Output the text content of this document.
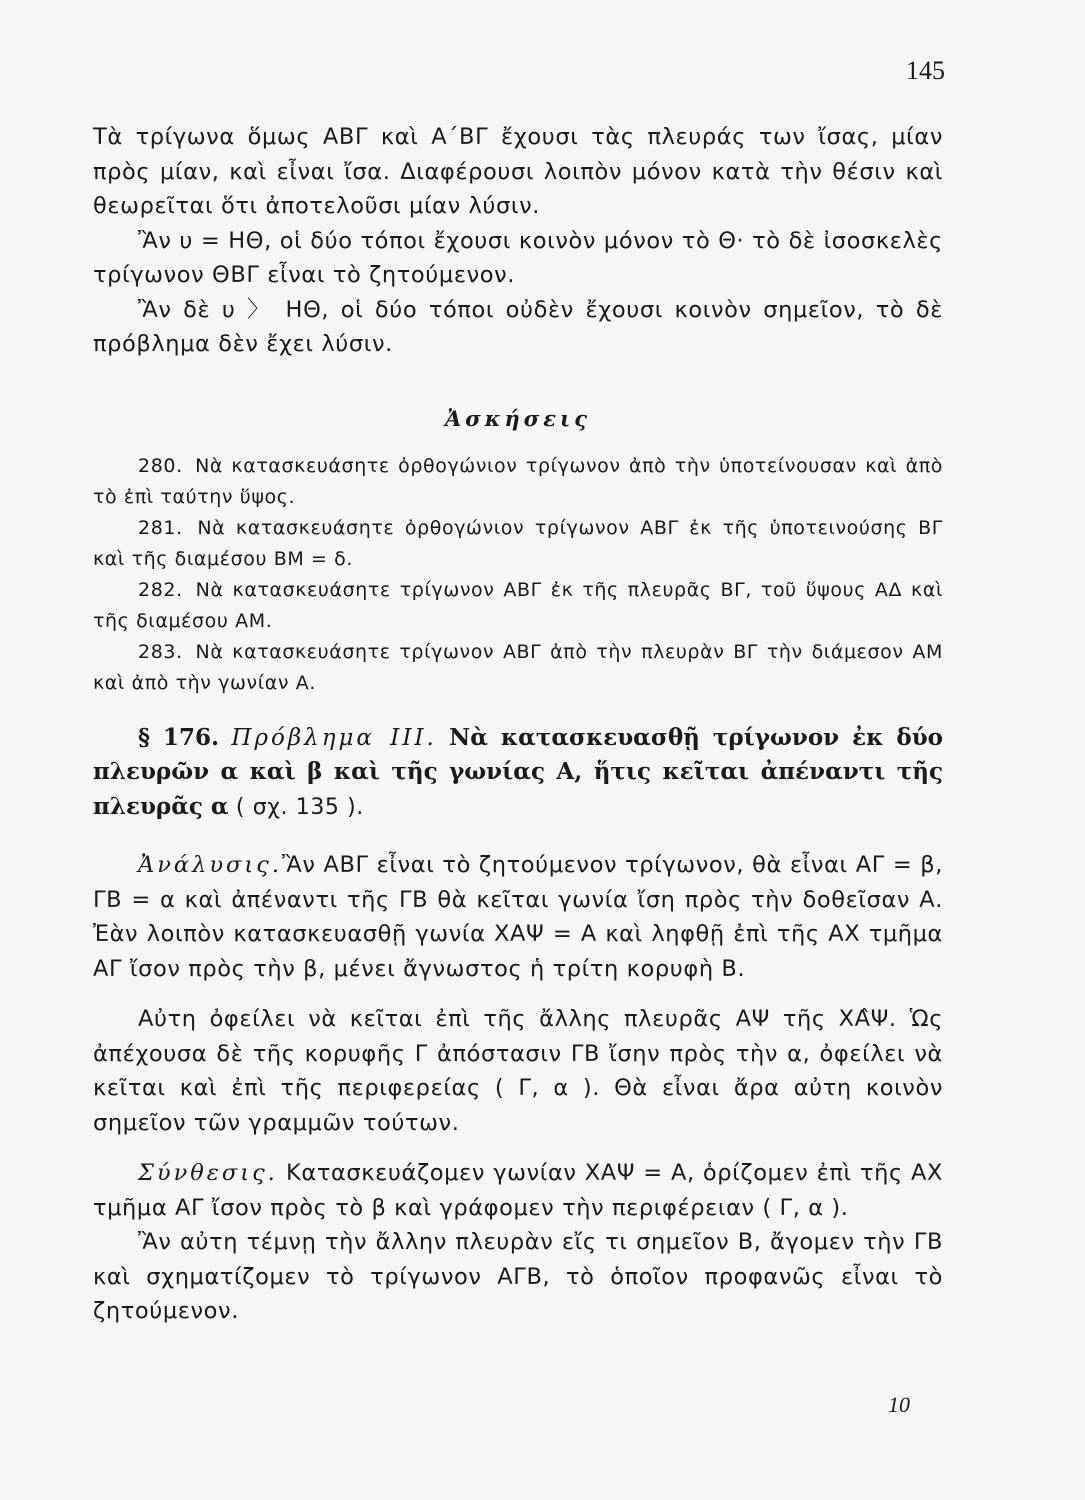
145

Τὰ τρίγωνα ὅμως ΑΒΓ καὶ Α΄ΒΓ ἔχουσι τὰς πλευράς των ἴσας, μίαν πρὸς μίαν, καὶ εἶναι ἴσα. Διαφέρουσι λοιπὸν μόνον κατὰ τὴν θέσιν καὶ θεωρεῖται ὅτι ἀποτελοῦσι μίαν λύσιν.

Ἂν υ = ΗΘ, οἱ δύο τόποι ἔχουσι κοινὸν μόνον τὸ Θ· τὸ δὲ ἰσοσκελὲς τρίγωνον ΘΒΓ εἶναι τὸ ζητούμενον.

Ἂν δὲ υ 〉 ΗΘ, οἱ δύο τόποι οὐδὲν ἔχουσι κοινὸν σημεῖον, τὸ δὲ πρόβλημα δὲν ἔχει λύσιν.

Ἀσκήσεις

280. Νὰ κατασκευάσητε ὀρθογώνιον τρίγωνον ἀπὸ τὴν ὑποτείνουσαν καὶ ἀπὸ τὸ ἐπὶ ταύτην ὕψος.

281. Νὰ κατασκευάσητε ὀρθογώνιον τρίγωνον ΑΒΓ ἐκ τῆς ὑποτεινούσης ΒΓ καὶ τῆς διαμέσου ΒΜ = δ.

282. Νὰ κατασκευάσητε τρίγωνον ΑΒΓ ἐκ τῆς πλευρᾶς ΒΓ, τοῦ ὕψους ΑΔ καὶ τῆς διαμέσου ΑΜ.

283. Νὰ κατασκευάσητε τρίγωνον ΑΒΓ ἀπὸ τὴν πλευρὰν ΒΓ τὴν διάμεσον ΑΜ καὶ ἀπὸ τὴν γωνίαν Α.

§ 176. Πρόβλημα ΙΙΙ. Νὰ κατασκευασθῇ τρίγωνον ἐκ δύο πλευρῶν α καὶ β καὶ τῆς γωνίας Α, ἥτις κεῖται ἀπέναντι τῆς πλευρᾶς α ( σχ. 135 ).

Ἀνάλυσις.Ἂν ΑΒΓ εἶναι τὸ ζητούμενον τρίγωνον, θὰ εἶναι ΑΓ = β, ΓΒ = α καὶ ἀπέναντι τῆς ΓΒ θὰ κεῖται γωνία ἴση πρὸς τὴν δοθεῖσαν Α. Ἐὰν λοιπὸν κατασκευασθῇ γωνία ΧΑΨ = Α καὶ ληφθῇ ἐπὶ τῆς ΑΧ τμῆμα ΑΓ ἴσον πρὸς τὴν β, μένει ἄγνωστος ἡ τρίτη κορυφὴ Β.

Αὐτη ὀφείλει νὰ κεῖται ἐπὶ τῆς ἄλλης πλευρᾶς ΑΨ τῆς ΧΑ̂Ψ. Ὡς ἀπέχουσα δὲ τῆς κορυφῆς Γ ἀπόστασιν ΓΒ ἴσην πρὸς τὴν α, ὀφείλει νὰ κεῖται καὶ ἐπὶ τῆς περιφερείας ( Γ, α ). Θὰ εἶναι ἄρα αὐτη κοινὸν σημεῖον τῶν γραμμῶν τούτων.

Σύνθεσις. Κατασκευάζομεν γωνίαν ΧΑΨ = Α, ὁρίζομεν ἐπὶ τῆς ΑΧ τμῆμα ΑΓ ἴσον πρὸς τὸ β καὶ γράφομεν τὴν περιφέρειαν ( Γ, α ).

Ἂν αὐτη τέμνῃ τὴν ἄλλην πλευρὰν εἴς τι σημεῖον Β, ἄγομεν τὴν ΓΒ καὶ σχηματίζομεν τὸ τρίγωνον ΑΓΒ, τὸ ὁποῖον προφανῶς εἶναι τὸ ζητούμενον.

10
